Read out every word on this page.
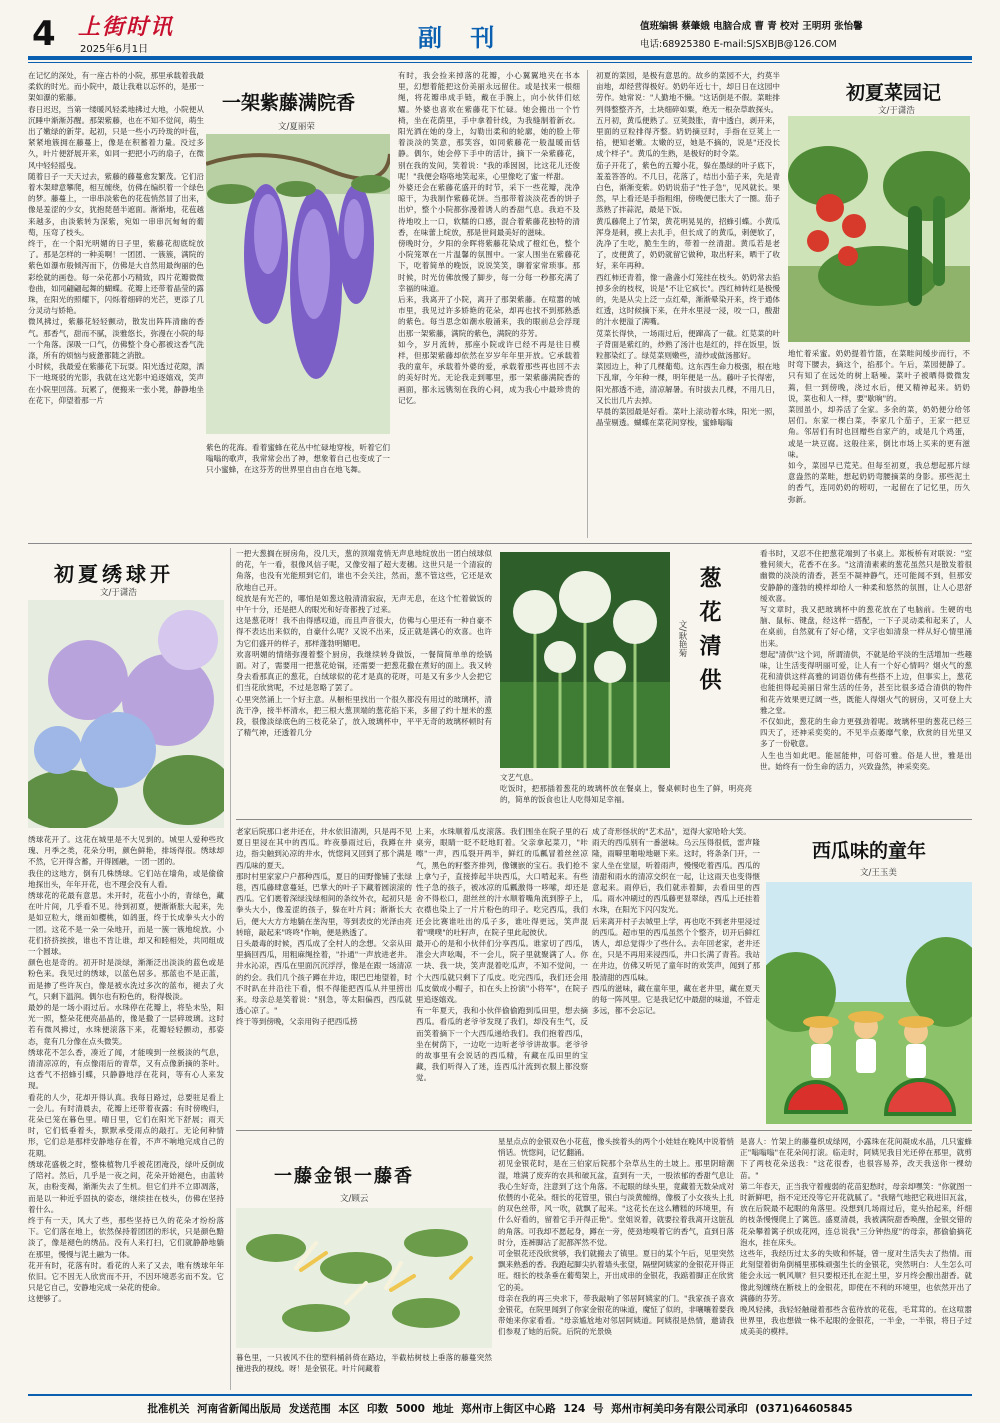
4 上街时讯
2025年6月1日	副 刊	值班编辑 蔡肇娥 电脑合成 曹 青 校对 王明玥 张怡馨
电话:68925380 E-mail:SJSXBJB@126.COM
在记忆的深处，有一座古朴的小院，那里承载着我最柔软的时光。而小院中，最让我难以忘怀的，是那一架如瀑的紫藤。
春日迟迟，当第一缕暖风轻柔地拂过大地，小院便从沉睡中渐渐苏醒。那架紫藤，也在不知不觉间，萌生出了嫩绿的新芽。起初，只是一些小巧玲珑的叶苞，紧紧地簇拥在藤蔓上，像是在积蓄着力量。没过多久，叶片便舒展开来，如同一把把小巧的扇子，在微风中轻轻摇曳。
随着日子一天天过去，紫藤的藤蔓愈发繁茂。它们沿着木架肆意攀爬，相互缠绕，仿佛在编织着一个绿色的梦。藤蔓上，一串串淡紫色的花苞悄然冒了出来，像是羞涩的少女，犹抱琵琶半遮面。渐渐地，花苞越来越多，由淡紫转为深紫，宛如一串串沉甸甸的葡萄，压弯了枝头。
终于，在一个阳光明媚的日子里，紫藤花彻底绽放了。那是怎样的一种美啊！一团团、一簇簇，满院的紫色如瀑布般倾泻而下，仿佛是大自然用最绚丽的色彩绘就的画卷。每一朵花都小巧精致，四片花瓣微微卷曲，如同翩翩起舞的蝴蝶。花瓣上还带着晶莹的露珠，在阳光的照耀下，闪烁着细碎的光芒，更添了几分灵动与娇艳。
微风拂过，紫藤花轻轻颤动，散发出阵阵清幽的香气。那香气，甜而不腻，淡雅悠长，弥漫在小院的每一个角落。深吸一口气，仿佛整个身心都被这香气洗涤，所有的烦恼与疲惫都随之消散。
小时候，我最爱在紫藤花下玩耍。阳光透过花隙，洒下一地斑驳的光影，我就在这光影中追逐嬉戏，笑声在小院里回荡。玩累了，便搬来一张小凳，静静地坐在花下，仰望着那一片
一架紫藤满院香
文/夏丽荣
紫色的花海。看着蜜蜂在花丛中忙碌地穿梭，听着它们嗡嗡的歌声，我常常会出了神，想象着自己也变成了一只小蜜蜂，在这芬芳的世界里自由自在地飞舞。
有时，我会捡来掉落的花瓣，小心翼翼地夹在书本里，幻想着能把这份美丽永远留住。或是找来一根细绳，将花瓣串成手链，戴在手腕上，向小伙伴们炫耀。外婆也喜欢在紫藤花下忙碌。她会搬出一个竹椅，坐在花荫里，手中拿着针线，为我缝制着新衣。阳光洒在她的身上，勾勒出柔和的轮廓，她的脸上带着淡淡的笑意，那笑容，如同紫藤花一般温暖而恬静。偶尔，她会停下手中的活计，摘下一朵紫藤花，别在我的发间，笑着说："我的乖囡囡，比这花儿还俊呢！"我便会咯咯地笑起来，心里像吃了蜜一样甜。
外婆还会在紫藤花盛开的时节，采下一些花瓣，洗净晾干，为我制作紫藤花饼。当那带着淡淡花香的饼子出炉，整个小院都弥漫着诱人的香甜气息。我迫不及待地咬上一口，软糯的口感，混合着紫藤花独特的清香，在味蕾上绽放，那是世间最美好的滋味。
傍晚时分，夕阳的余晖将紫藤花染成了橙红色，整个小院笼罩在一片温馨的氛围中。一家人围坐在紫藤花下，吃着简单的晚饭，说说笑笑，聊着家常琐事。那时候，时光仿佛放慢了脚步，每一分每一秒都充满了幸福的味道。
后来，我离开了小院，离开了那架紫藤。在喧嚣的城市里，我见过许多娇艳的花朵，却再也找不到那熟悉的紫色。每当思念如潮水般涌来，我的眼前总会浮现出那一架紫藤，满院的紫色，满院的芬芳。
如今，岁月流转，那座小院或许已经不再是往日模样，但那架紫藤却依然在岁岁年年里开放。它承载着我的童年，承载着外婆的爱，承载着那些再也回不去的美好时光。无论我走到哪里，那一架紫藤满院香的画面，都永远镌刻在我的心间，成为我心中最珍贵的记忆。
初夏的菜园，是极有意思的。故乡的菜园不大，约莫半亩地，却经营得极好。奶奶年近七十，却日日在这园中劳作。她常说："人勤地不懒。"这话倒是不假。菜畦排列得整整齐齐，土块细碎如粟，绝无一根杂草敢探头。
五月初，黄瓜便熟了。豆荚鼓胀，青中透白，剥开来，里面的豆粒排得齐整。奶奶摘豆时，手指在豆荚上一掐，便知老嫩。太嫩的豆，她是不摘的，说是"还没长成个样子"。黄瓜的生熟，是极好的时令菜。
茄子开花了，紫色的五瓣小花，躲在墨绿的叶子底下，羞羞答答的。不几日，花落了，结出小茄子来，先是青白色，渐渐变紫。奶奶说茄子"性子急"，见风就长。果然，早上看还是手指粗细，傍晚便已胀大了一圈。茄子蒸熟了拌蒜泥，最是下饭。
黄瓜藤爬上了竹架，黄花明晃晃的，招蜂引蝶。小黄瓜浑身是刺，摸上去扎手，但长成了的黄瓜，刺便软了，洗净了生吃，脆生生的，带着一丝清甜。黄瓜若是老了，皮便黄了，奶奶就留它做种，取出籽来，晒干了收好，来年再种。
西红柿还青着，像一盏盏小灯笼挂在枝头。奶奶常去掐掉多余的枝杈，说是"不让它疯长"。西红柿转红是极慢的，先是从尖上泛一点红晕，渐渐晕染开来，终于通体红透，这时候摘下来，在井水里浸一浸，咬一口，酸甜的汁水便溢了满嘴。
苋菜长得快，一场雨过后，便蹿高了一截。红苋菜的叶子背面是紫红的，炒熟了汤汁也是红的，拌在饭里，饭粒都染红了。绿苋菜则嫩些，清炒或做汤都好。
菜园边上，种了几棵葡萄。这东西生命力极强，根在地下乱窜，今年种一棵，明年便是一丛。藤叶子长得密，阳光都透不进，清凉解暑。有时拔去几棵，不用几日，又长出几片去掉。
早晨的菜园最是好看。菜叶上滚动着水珠，阳光一照，晶莹剔透。蝴蝶在菜花间穿梭，蜜蜂嗡嗡
初夏菜园记
文/于潇浩
地忙着采蜜。奶奶提着竹篮，在菜畦间缓步而行，不时弯下腰去，摘这个，掐那个。午后，菜园便静了。只有知了在远处的树上聒噪。菜叶子被晒得微微发蔫，但一到傍晚，浇过水后，便又精神起来。奶奶说，菜也和人一样，要"歇晌"的。
菜园虽小，却养活了全家。多余的菜，奶奶便分给邻居们。东家一棵白菜，李家几个茄子，王家一把豆角。邻居们有时也回赠些自家产的，或是几个鸡蛋，或是一块豆腐。这般往来，倒比市场上买来的更有滋味。
如今，菜园早已荒芜。但每至初夏，我总想起那片绿意盎然的菜畦，想起奶奶弯腰摘菜的身影。那些泥土的香气，连同奶奶的唠叨，一起留在了记忆里，历久弥新。
初夏绣球开
文/于潇浩
绣球花开了。这花在城里是不大见到的。城里人爱种些玫瑰、月季之类，花朵分明，颜色鲜艳，排场得很。绣球却不然，它开得含蓄，开得圆融，一团一团的。
我住的这地方，倒有几株绣球。它们站在墙角，或是偷偷地探出头，年年开花，也不理会没有人看。
绣球花的花最有意思。未开时，花苞小小的，青绿色，藏在叶片间，几乎看不见。待到初夏，便渐渐胀大起来，先是如豆粒大，继而如樱桃，如鸽蛋，终于长成拳头大小的一团。这花不是一朵一朵地开，而是一簇一簇地绽放。小花们挤挤挨挨，谁也不肯让谁，却又和睦相处，共同组成一个圆球。
颜色也是奇的。初开时是淡绿，渐渐泛出淡淡的蓝色或是粉色来。我见过的绣球，以蓝色居多。那蓝也不是正蓝，而是掺了些许灰白，像是被水洗过多次的蓝布，褪去了火气，只剩下温润。偶尔也有粉色的，粉得极淡。
最妙的是一场小雨过后。水珠停在花瓣上，将坠未坠，阳光一照，整朵花便亮晶晶的，像是撒了一层碎玻璃。这时若有微风拂过，水珠便滚落下来，花瓣轻轻颤动，那姿态，竟有几分像在点头微笑。
绣球花不怎么香，凑近了闻，才能嗅到一丝极淡的气息，清清凉凉的，有点像雨后的青草，又有点像新摘的茶叶。这香气不招蜂引蝶，只静静地浮在花间，等有心人来发现。
看花的人少，花却开得认真。我每日路过，总要驻足看上一会儿。有时清晨去，花瓣上还带着夜露；有时傍晚归，花朵已笼在暮色里。晴日里，它们在阳光下舒展；雨天时，它们低垂着头，默默承受雨点的敲打。无论何种情形，它们总是那样安静地存在着，不声不响地完成自己的花期。
绣球花盛极之时，整株植物几乎被花团淹没，绿叶反倒成了陪衬。然后，几乎是一夜之间，花朵开始褪色，由蓝转灰，由粉变褐，渐渐失去了生机。但它们并不立即凋落，而是以一种近乎固执的姿态，继续挂在枝头，仿佛在坚持着什么。
终于有一天，风大了些，那些坚持已久的花朵才纷纷落下。它们落在地上，依然保持着团团的形状，只是颜色黯淡了，像是褪色的绣品。没有人来打扫，它们就静静地躺在那里，慢慢与泥土融为一体。
花开有时，花落有时。看花的人来了又去，唯有绣球年年依旧。它不因无人欣赏而不开，不因环境恶劣而不发。它只是它自己，安静地完成一朵花的使命。
这便够了。
一把大葱搁在厨房角，没几天，葱的顶端竟悄无声息地绽放出一团白绒球似的花，午一看，很像风信子呢，又像安福了超大麦穗。这世只是一个清寂的角落，也没有光能照到它们，谁也不会关注，然而，葱不管这些，它还是欢欣地自己开。
绽放是有光芒的，哪怕是如葱这般清清寂寂，无声无息，在这个忙着做饭的中午十分，还是把人的眼光和好奇都拽了过来。
这是葱花呀！我不由得感叹道，而且声音很大，仿佛与心里还有一种自豪不得不表达出来似的，自豪什么呢？又说不出来，反正就是满心的欢喜。也许为它们盛开的样子，那样蓬勃明媚吧。
欢喜明媚的情绪弥漫着整个厨房，我继续转身做饭，一餐简简单单的烩锅面。对了，需要用一把葱花炝锅，还需要一把葱花撒在煮好的面上。我又转身去看那真正的葱花，白绒球似的花才是真的花呀，可是又有多少人会把它们当花欣赏呢，不过是忽略了罢了。
心里突然涌上一个好主意。从橱柜里找出一个很久都没有用过的玻璃杯，清洗干净，接半杯清水，把三根大葱顶端的葱花掐下来，多留了约十厘米的葱段，很像淡绿底色的三枝花朵了，放入玻璃杯中，平平无奇的玻璃杯顿时有了精气神，还透着几分
葱花清供
文/耿艳菊
文艺气息。
吃饭时，把那插着葱花的玻璃杯放在餐桌上，餐桌顿时也生了鲜，明亮亮的，简单的饭食也让人吃得知足幸福。
看书时，又忍不住把葱花端到了书桌上。郑板桥有对联说："室雅何须大，花香不在多。"这清清素素的葱花虽然只是散发着很幽微的淡淡的清香，甚至不凝神静气，还可能闻不到，但那安安静静的蓬勃的模样却给人一种柔和悠然的氛围，让人心思舒缓欢喜。
写文章时，我又把玻璃杯中的葱花放在了电脑前。生硬的电脑、鼠标、键盘，经这样一搭配，一下子灵动柔和起来了，人在桌前，自然就有了好心绪，文字也如清泉一样从好心情里涌出来。
想起"清供"这个词，所谓清供，不就是给平淡的生活增加一些趣味，让生活变得明丽可爱，让人有一个好心情吗？烟火气的葱花和清供这样高雅的词语仿佛有些搭不上边，但事实上，葱花也能担得起美丽日常生活的任务，甚至比很多适合清供的物件和花卉效果更辽阔一些，既能人得烟火气的厨房，又可登上大雅之堂。
不仅如此，葱花的生命力更强劲着呢。玻璃杯里的葱花已经三四天了，还神采奕奕的。不见半点萎靡气象，欣赏的目光里又多了一份敬意。
人生也当如此吧。能屈能伸，可俗可雅。俗是人世，雅是出世。始终有一份生命的活力，兴致盎然，神采奕奕。
老家后院那口老井还在，井水依旧清冽，只是再不见夏日里浸在其中的西瓜。昨夜暴雨过后，我蹲在井边，指尖触到沁凉的井水，恍惚间又回到了那个满是西瓜味的夏天。
那时村里家家户户都种西瓜，夏日的田野像铺了张绿毯，西瓜藤肆意蔓延，巴掌大的叶子下藏着圆滚滚的西瓜。它们裹着深绿浅绿相间的条纹外衣，起初只是拳头大小，像羞涩的孩子，躲在叶片间；渐渐长大后，便大大方方地躺在垄沟里，等到表皮的光泽由亮转暗，敲起来"咚咚"作响，便是熟透了。
日头最毒的时候，西瓜成了全村人的念想。父亲从田里摘回西瓜，用粗麻绳拴着，"扑通"一声放进老井。井水沁凉，西瓜在里面沉沉浮浮，像是在跟一场清凉的约会。我们几个孩子蹲在井边，眼巴巴地望着，时不时趴在井沿往下看，恨不得能把西瓜从井里捞出来。母亲总是笑着说："别急，等太阳偏西，西瓜就透心凉了。"
终于等到傍晚，父亲用钩子把西瓜捞
上来，水珠顺着瓜皮滚落。我们围坐在院子里的石桌旁，眼睛一眨不眨地盯着。父亲拿起菜刀，"咔嚓"一声，西瓜裂开两半，鲜红的瓜瓤冒着丝丝凉气，黑色的籽整齐排列，像镶嵌的宝石。我们抢不上拿勺子，直接捧起半块西瓜，大口啃起来。有些性子急的孩子，被冰凉的瓜瓤激得一哆嗦，却还是舍不得松口，甜丝丝的汁水顺着嘴角流到脖子上，衣襟也染上了一片片粉色的印子。吃完西瓜，我们还会比赛谁吐出的瓜子多，谁吐得更远，笑声混着"噗噗"的吐籽声，在院子里此起彼伏。
最开心的是和小伙伴们分享西瓜。谁家切了西瓜，准会大声吆喝，不一会儿，院子里就聚满了人。你一块、我一块，笑声混着吃瓜声，不知不觉间，一个大西瓜就只剩下了瓜皮。吃完西瓜，我们还会用瓜皮做成小帽子，扣在头上扮演"小将军"，在院子里追逐嬉戏。
有一年夏天，我和小伙伴偷偷跑到瓜田里，想去摘西瓜。看瓜的老爷爷发现了我们，却没有生气，反而笑着摘下一个大西瓜递给我们。我们抱着西瓜，坐在树荫下，一边吃一边听老爷爷讲故事。老爷爷的故事里有会说话的西瓜精，有藏在瓜田里的宝藏，我们听得入了迷，连西瓜汁流到衣服上都没察觉。
成了奇形怪状的"艺术品"，逗得大家哈哈大笑。
雨天的西瓜别有一番滋味。乌云压得很低，雷声隆隆，雨噼里啪啦地砸下来。这时，将条条门开，一家人坐在堂屋，听着雨声，慢慢吃着西瓜。西瓜的清甜和雨水的清凉交织在一起，让这雨天也变得惬意起来。雨停后，我们就赤着脚，去看田里的西瓜。雨水冲刷过的西瓜藤更显翠绿，西瓜上还挂着水珠，在阳光下闪闪发光。
后来离开村子去城里上学，再也吃不到老井里浸过的西瓜。超市里的西瓜虽然个个整齐，切开后鲜红诱人，却总觉得少了些什么。去年回老家，老井还在，只是不再用来浸西瓜，井口长满了青苔。我站在井边，仿佛又听见了童年时的欢笑声，闻到了那股清甜的西瓜味。
西瓜的滋味，藏在童年里，藏在老井里，藏在夏天的每一阵风里。它是我记忆中最甜的味道，不管走多远，都不会忘记。
西瓜味的童年
文/王玉美
一藤金银一藤香
文/顾云
暮色里，一只被风不住的塑料桶斜倚在路边，半截枯树枝上垂落的藤蔓突然撞进我的视线。呀！是金银花。叶片间藏着
星星点点的金银双色小花苞，像头挨着头的两个小娃娃在晚风中说着悄悄话。恍惚间，记忆翻涌。
初见金银花时，是在三伯家后院那个杂草丛生的土坡上。那里阴暗潮湿，堆满了废弃的农具和破瓦盆，直到有一天，一股浓郁的香甜气息让我心生好奇，注意到了这个角落。不起眼的绿头里，竟藏着无数朵成对依偎的小花朵。细长的花管里，银白与淡黄缠绵，像极了小女孩头上扎的双色丝带，风一吹，就飘了起来。"这花长在这么糟糕的环境里，有什么好看的，留着它手开得正艳"。堂姐说着，就要拉着我离开这脏乱的角落。可我却不愿起身，蹲在一旁，使劲地嗅着它的香气，直到日落时分，连裤脚沾了泥都浑然不觉。
可金银花还没欣赏够，我们就搬去了镇里。夏日的某个午后，见里突然飘来熟悉的香。我跑起脚尖扒着墙头张望，隔壁阿姨家的金银花开得正旺。细长的枝条垂在葡萄架上，开出成串的金银花，我踮着脚正在欣赏它的美。
母亲在我的再三央求下，带我敲响了邻居阿姨家的门。"我家孩子喜欢金银花，在院里闻到了你家金银花的味道，魔怔了似的，非嚷嚷着要我带她来你家看看。"母亲尴尬地对邻居阿姨道。阿姨很是热情，邀请我们参观了她的后院。后院的光景焕
是喜人：竹架上的藤蔓织成绿网，小露珠在花间凝成水晶，几只蜜蜂正"嗡嗡嗡"在花朵间打滚。临走时，阿姨见我目光还停在那里，就剪下了两枝花朵送我："这花很香，也很容易养，改天我送你一棵幼苗。"
第二年春天，正当我守着瘦弱的花苗犯愁时，母亲却嘿笑："你就图一时新鲜吧，指不定还没等它开花就腻了。"我赌气地把它栽进旧瓦盆，放在后院最不起眼的角落里。没想到几场雨过后，竟头抬起来，纤细的枝条慢慢爬上了篱笆。盛夏清晨，我被满院甜香唤醒，金银交错的花朵攀着篱子织成花网，连总说我"三分钟热度"的母亲，都偷偷摘花泡水，挂在床头。
这些年，我经历过太多的失败和怀疑，曾一度对生活失去了热情。而此刻望着街角倒桶里那株顽强生长的金银花，突然明白：人生怎么可能会永远一帆风顺？但只要根还扎在泥土里，岁月终会酿出甜香。就像此刻缠绕在断枝上的金银花，即使在不利的环境里，也依然开出了满藤的芬芳。
晚风轻拂，我轻轻触碰着那些含苞待放的花苞，毛茸茸的。在这喧嚣世界里，我也想做一株不起眼的金银花，一半金，一半银，将日子过成美美的模样。
批准机关 河南省新闻出版局 发送范围 本区 印数 5000 地址 郑州市上街区中心路 124 号 郑州市柯美印务有限公司承印 (0371)64605845
